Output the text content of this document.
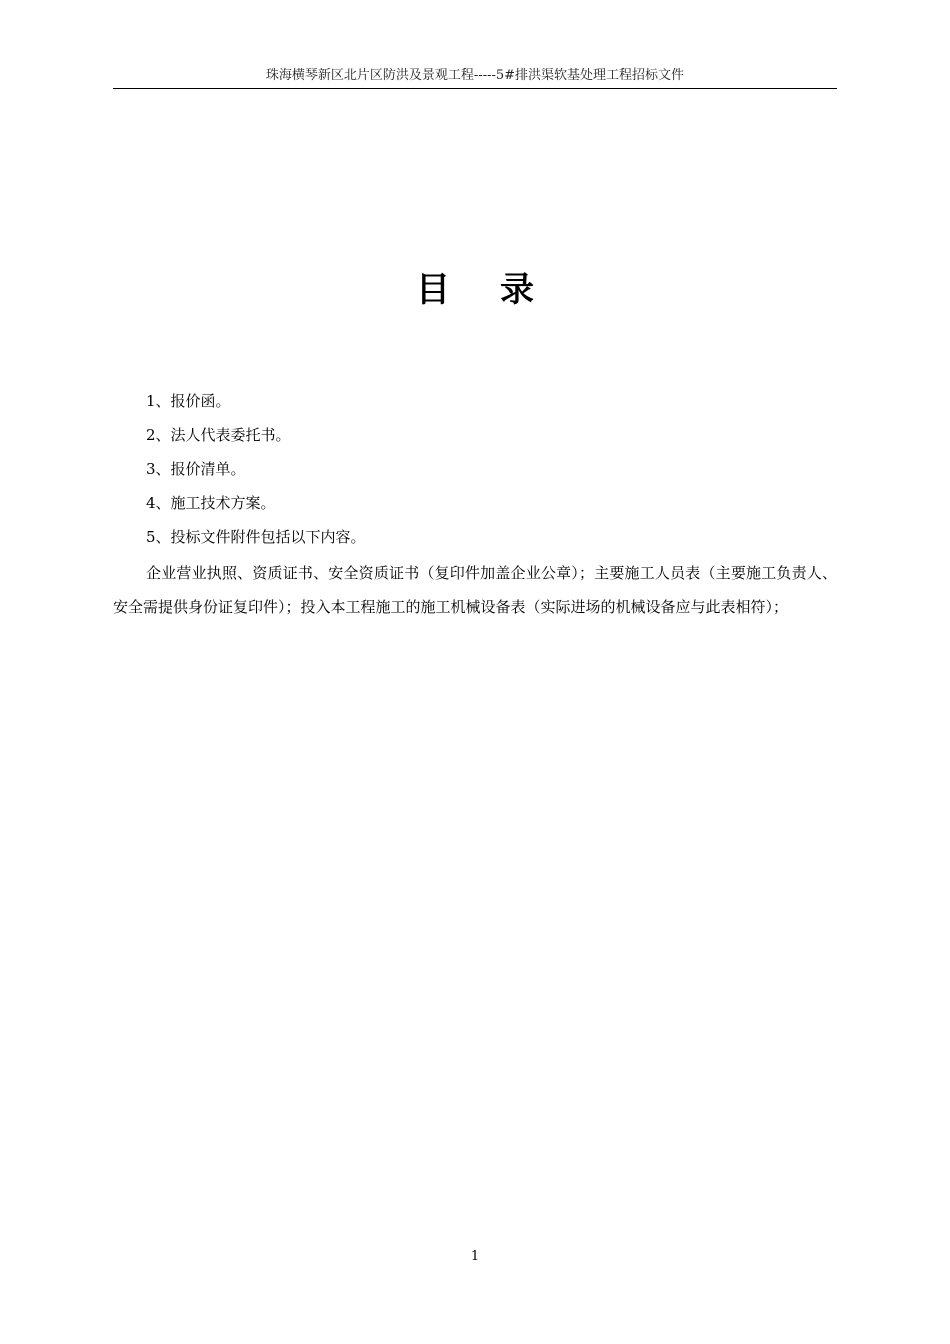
珠海横琴新区北片区防洪及景观工程-----5#排洪渠软基处理工程招标文件
目 录
1、报价函。
2、法人代表委托书。
3、报价清单。
4、施工技术方案。
5、投标文件附件包括以下内容。

企业营业执照、资质证书、安全资质证书（复印件加盖企业公章）；主要施工人员表（主要施工负责人、安全需提供身份证复印件）；投入本工程施工的施工机械设备表（实际进场的机械设备应与此表相符）；

1
